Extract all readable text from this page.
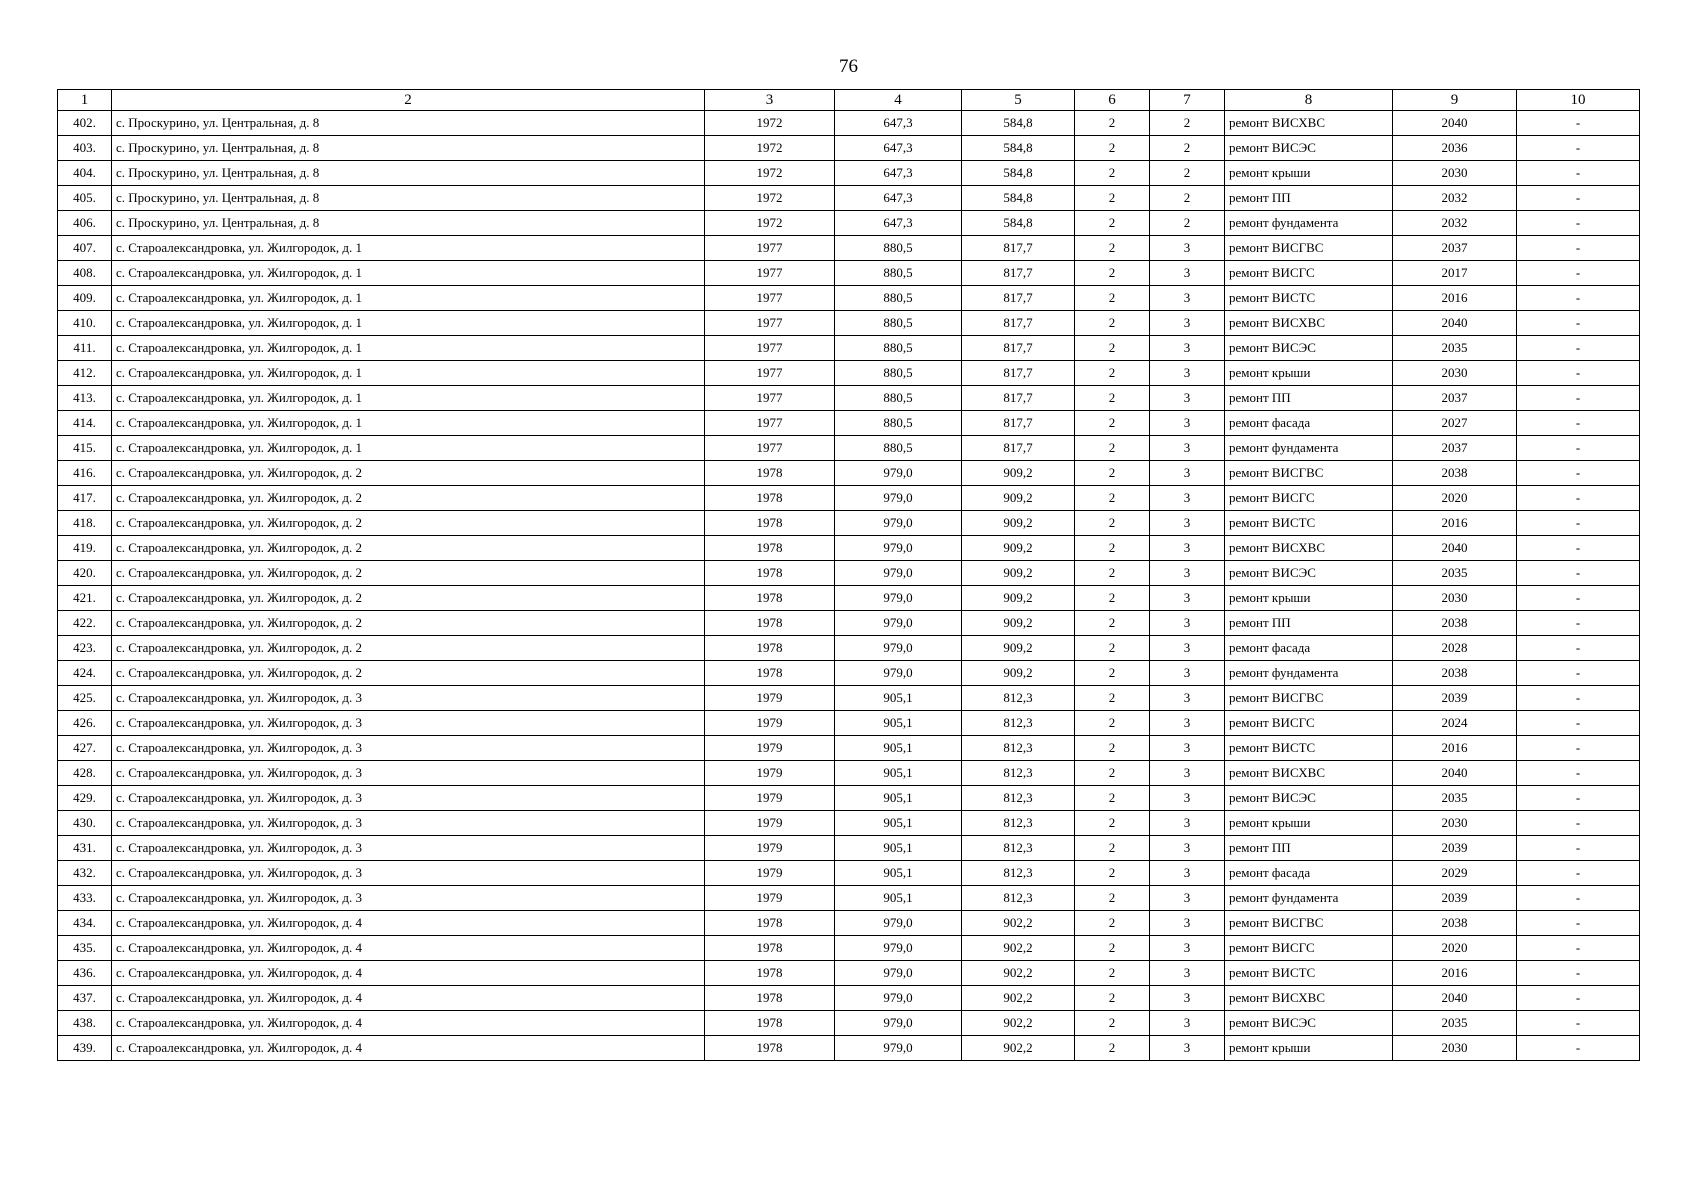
76
1	2	3	4	5	6	7	8	9	10
402.	с. Проскурино, ул. Центральная, д. 8	1972	647,3	584,8	2	2	ремонт ВИСХВС	2040	-
403.	с. Проскурино, ул. Центральная, д. 8	1972	647,3	584,8	2	2	ремонт ВИСЭС	2036	-
404.	с. Проскурино, ул. Центральная, д. 8	1972	647,3	584,8	2	2	ремонт крыши	2030	-
405.	с. Проскурино, ул. Центральная, д. 8	1972	647,3	584,8	2	2	ремонт ПП	2032	-
406.	с. Проскурино, ул. Центральная, д. 8	1972	647,3	584,8	2	2	ремонт фундамента	2032	-
407.	с. Староалександровка, ул. Жилгородок, д. 1	1977	880,5	817,7	2	3	ремонт ВИСГВС	2037	-
408.	с. Староалександровка, ул. Жилгородок, д. 1	1977	880,5	817,7	2	3	ремонт ВИСГС	2017	-
409.	с. Староалександровка, ул. Жилгородок, д. 1	1977	880,5	817,7	2	3	ремонт ВИСТС	2016	-
410.	с. Староалександровка, ул. Жилгородок, д. 1	1977	880,5	817,7	2	3	ремонт ВИСХВС	2040	-
411.	с. Староалександровка, ул. Жилгородок, д. 1	1977	880,5	817,7	2	3	ремонт ВИСЭС	2035	-
412.	с. Староалександровка, ул. Жилгородок, д. 1	1977	880,5	817,7	2	3	ремонт крыши	2030	-
413.	с. Староалександровка, ул. Жилгородок, д. 1	1977	880,5	817,7	2	3	ремонт ПП	2037	-
414.	с. Староалександровка, ул. Жилгородок, д. 1	1977	880,5	817,7	2	3	ремонт фасада	2027	-
415.	с. Староалександровка, ул. Жилгородок, д. 1	1977	880,5	817,7	2	3	ремонт фундамента	2037	-
416.	с. Староалександровка, ул. Жилгородок, д. 2	1978	979,0	909,2	2	3	ремонт ВИСГВС	2038	-
417.	с. Староалександровка, ул. Жилгородок, д. 2	1978	979,0	909,2	2	3	ремонт ВИСГС	2020	-
418.	с. Староалександровка, ул. Жилгородок, д. 2	1978	979,0	909,2	2	3	ремонт ВИСТС	2016	-
419.	с. Староалександровка, ул. Жилгородок, д. 2	1978	979,0	909,2	2	3	ремонт ВИСХВС	2040	-
420.	с. Староалександровка, ул. Жилгородок, д. 2	1978	979,0	909,2	2	3	ремонт ВИСЭС	2035	-
421.	с. Староалександровка, ул. Жилгородок, д. 2	1978	979,0	909,2	2	3	ремонт крыши	2030	-
422.	с. Староалександровка, ул. Жилгородок, д. 2	1978	979,0	909,2	2	3	ремонт ПП	2038	-
423.	с. Староалександровка, ул. Жилгородок, д. 2	1978	979,0	909,2	2	3	ремонт фасада	2028	-
424.	с. Староалександровка, ул. Жилгородок, д. 2	1978	979,0	909,2	2	3	ремонт фундамента	2038	-
425.	с. Староалександровка, ул. Жилгородок, д. 3	1979	905,1	812,3	2	3	ремонт ВИСГВС	2039	-
426.	с. Староалександровка, ул. Жилгородок, д. 3	1979	905,1	812,3	2	3	ремонт ВИСГС	2024	-
427.	с. Староалександровка, ул. Жилгородок, д. 3	1979	905,1	812,3	2	3	ремонт ВИСТС	2016	-
428.	с. Староалександровка, ул. Жилгородок, д. 3	1979	905,1	812,3	2	3	ремонт ВИСХВС	2040	-
429.	с. Староалександровка, ул. Жилгородок, д. 3	1979	905,1	812,3	2	3	ремонт ВИСЭС	2035	-
430.	с. Староалександровка, ул. Жилгородок, д. 3	1979	905,1	812,3	2	3	ремонт крыши	2030	-
431.	с. Староалександровка, ул. Жилгородок, д. 3	1979	905,1	812,3	2	3	ремонт ПП	2039	-
432.	с. Староалександровка, ул. Жилгородок, д. 3	1979	905,1	812,3	2	3	ремонт фасада	2029	-
433.	с. Староалександровка, ул. Жилгородок, д. 3	1979	905,1	812,3	2	3	ремонт фундамента	2039	-
434.	с. Староалександровка, ул. Жилгородок, д. 4	1978	979,0	902,2	2	3	ремонт ВИСГВС	2038	-
435.	с. Староалександровка, ул. Жилгородок, д. 4	1978	979,0	902,2	2	3	ремонт ВИСГС	2020	-
436.	с. Староалександровка, ул. Жилгородок, д. 4	1978	979,0	902,2	2	3	ремонт ВИСТС	2016	-
437.	с. Староалександровка, ул. Жилгородок, д. 4	1978	979,0	902,2	2	3	ремонт ВИСХВС	2040	-
438.	с. Староалександровка, ул. Жилгородок, д. 4	1978	979,0	902,2	2	3	ремонт ВИСЭС	2035	-
439.	с. Староалександровка, ул. Жилгородок, д. 4	1978	979,0	902,2	2	3	ремонт крыши	2030	-
